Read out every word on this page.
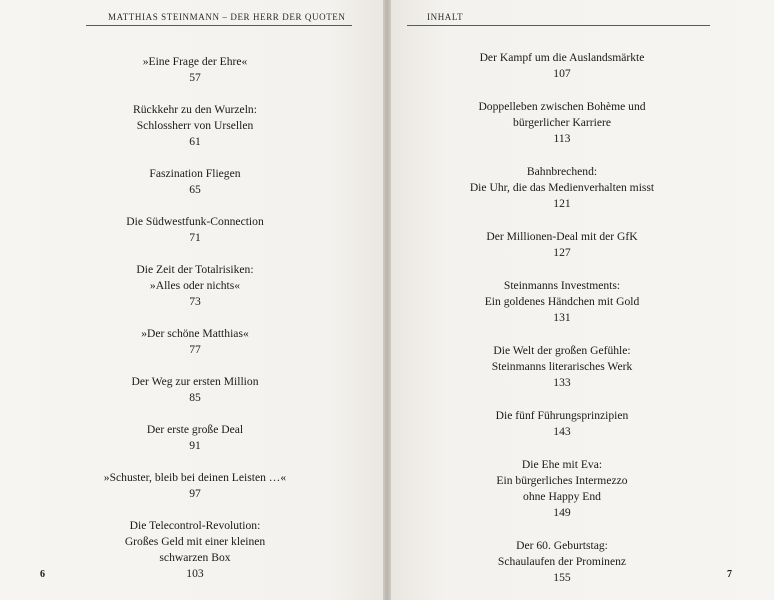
MATTHIAS STEINMANN – DER HERR DER QUOTEN
»Eine Frage der Ehre«
57
Rückkehr zu den Wurzeln:
Schlossherr von Ursellen
61
Faszination Fliegen
65
Die Südwestfunk-Connection
71
Die Zeit der Totalrisiken:
»Alles oder nichts«
73
»Der schöne Matthias«
77
Der Weg zur ersten Million
85
Der erste große Deal
91
»Schuster, bleib bei deinen Leisten …«
97
Die Telecontrol-Revolution:
Großes Geld mit einer kleinen
schwarzen Box
103
6
INHALT
Der Kampf um die Auslandsmärkte
107
Doppelleben zwischen Bohème und
bürgerlicher Karriere
113
Bahnbrechend:
Die Uhr, die das Medienverhalten misst
121
Der Millionen-Deal mit der GfK
127
Steinmanns Investments:
Ein goldenes Händchen mit Gold
131
Die Welt der großen Gefühle:
Steinmanns literarisches Werk
133
Die fünf Führungsprinzipien
143
Die Ehe mit Eva:
Ein bürgerliches Intermezzo
ohne Happy End
149
Der 60. Geburtstag:
Schaulaufen der Prominenz
155	7
